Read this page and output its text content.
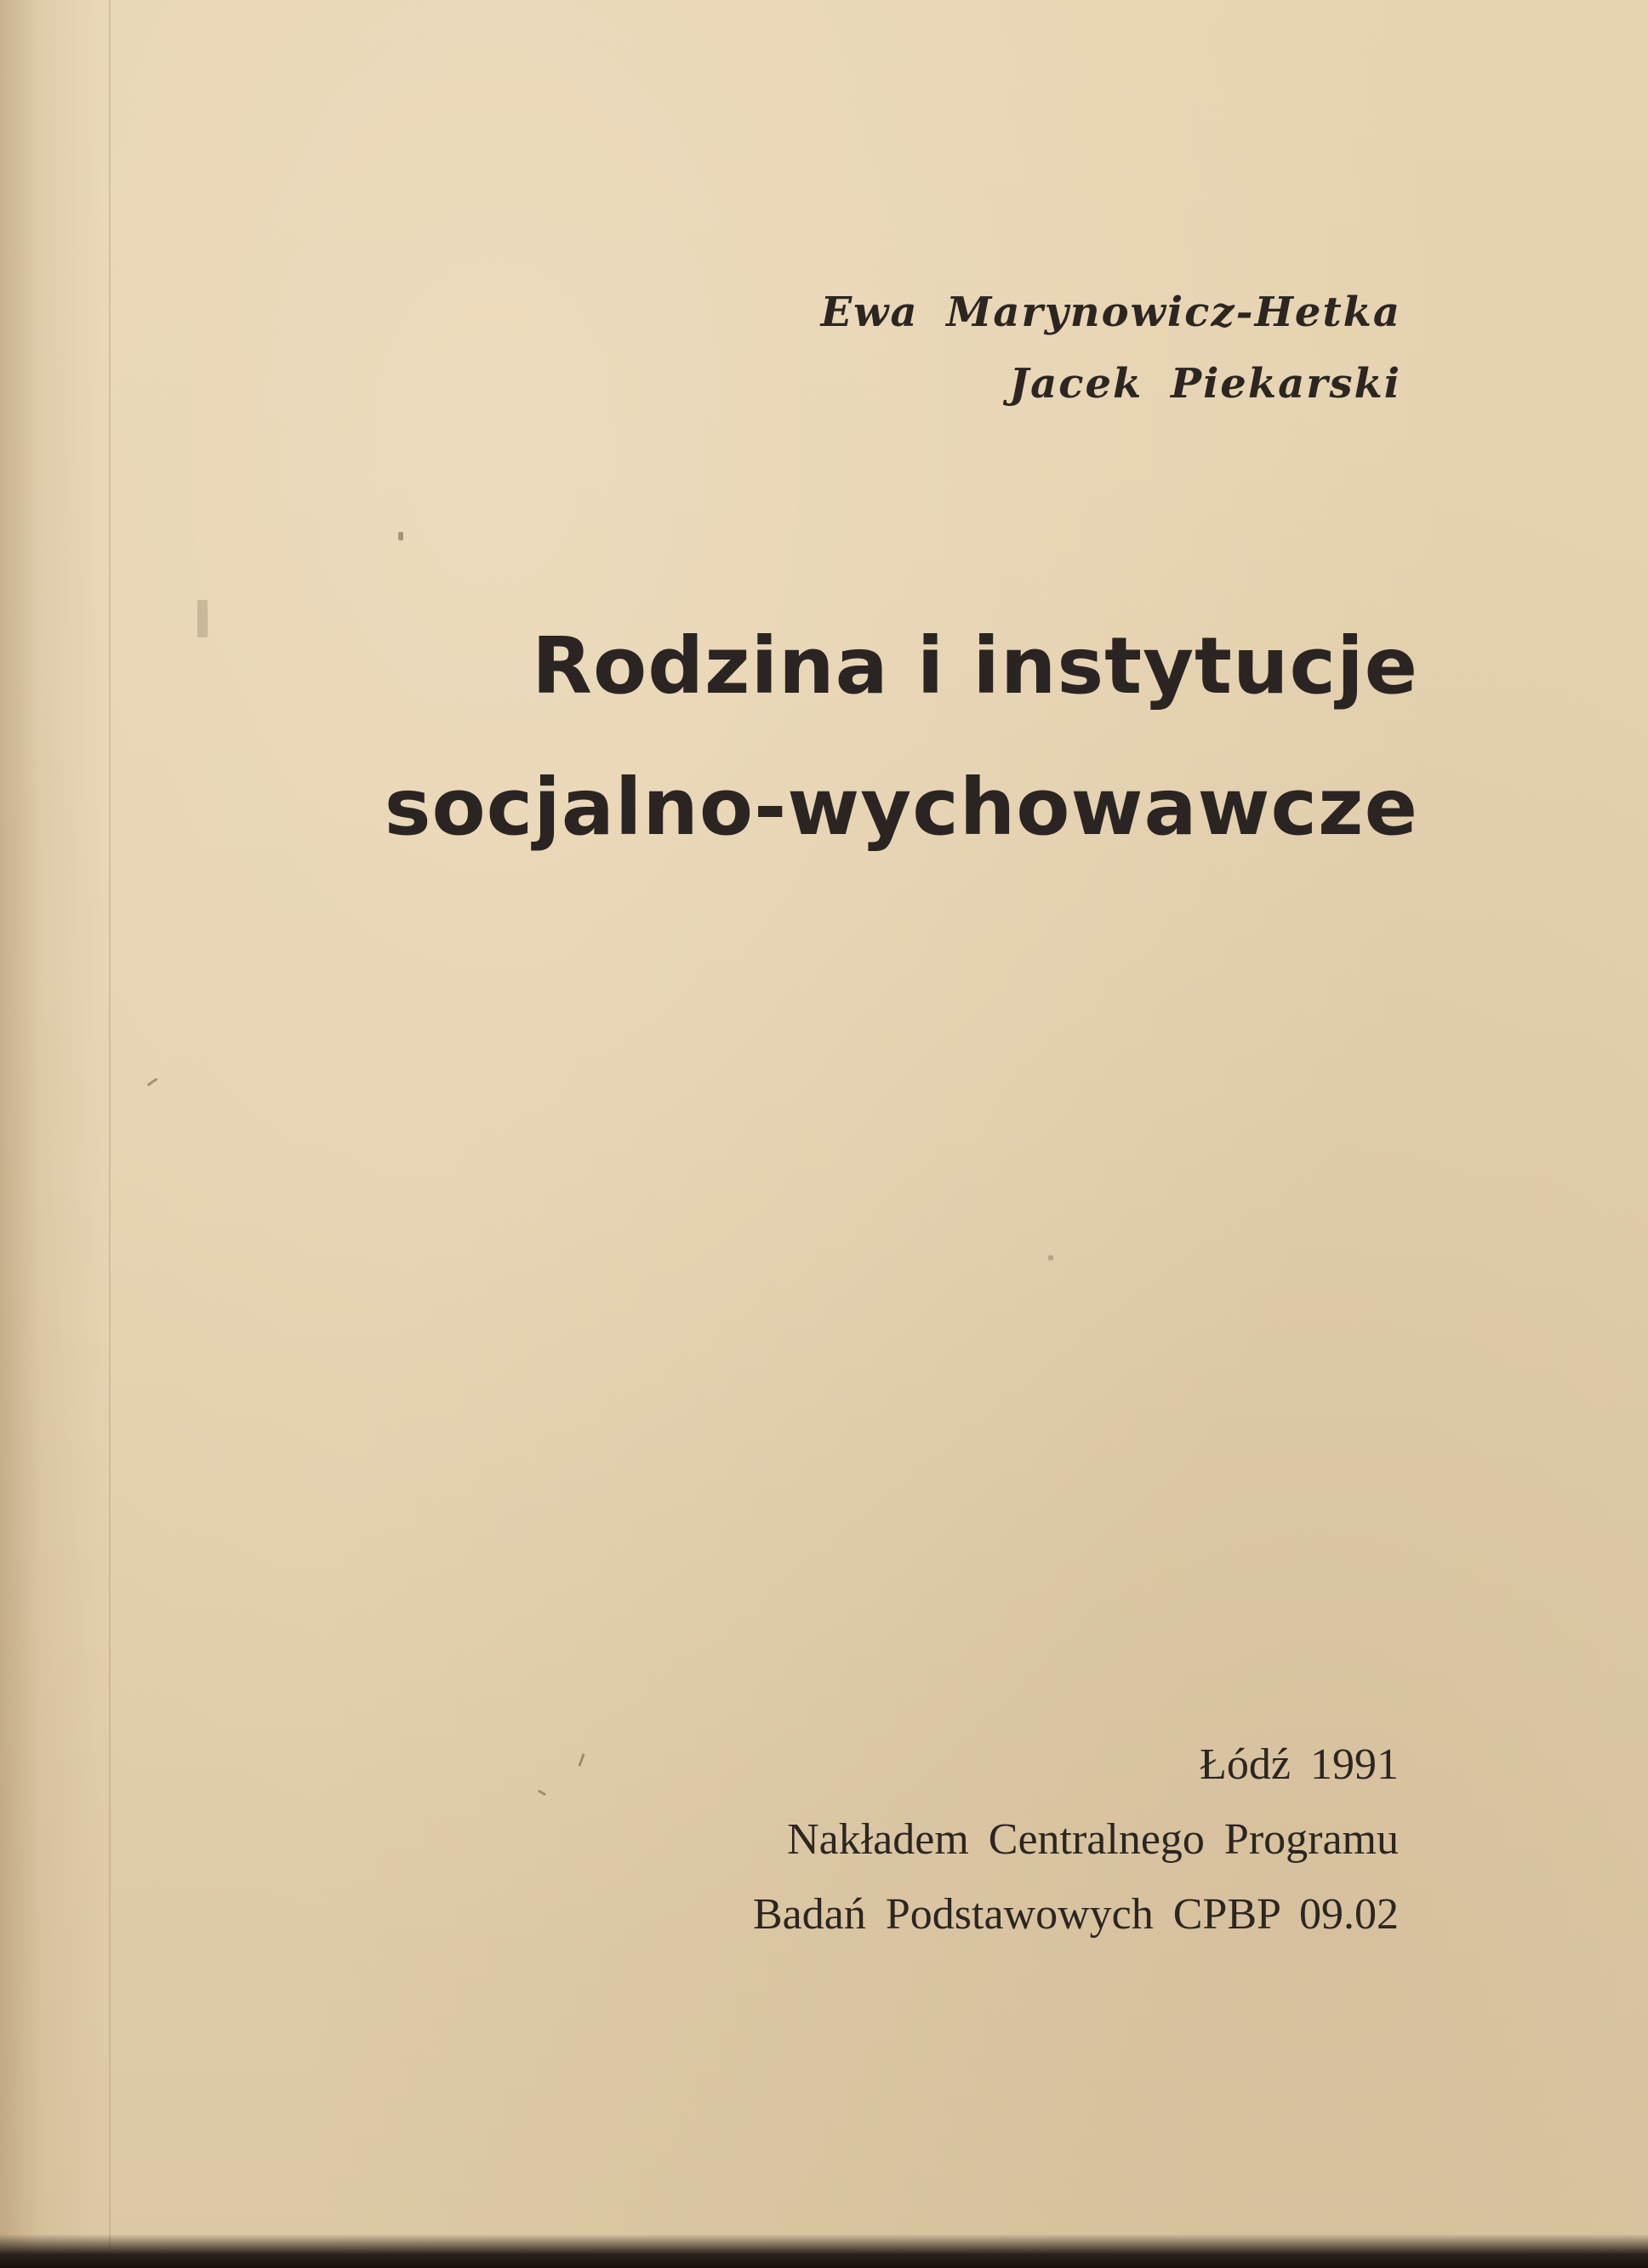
Ewa Marynowicz-Hetka
Jacek Piekarski
Rodzina i instytucje
socjalno-wychowawcze
Łódź 1991
Nakładem Centralnego Programu
Badań Podstawowych CPBP 09.02
